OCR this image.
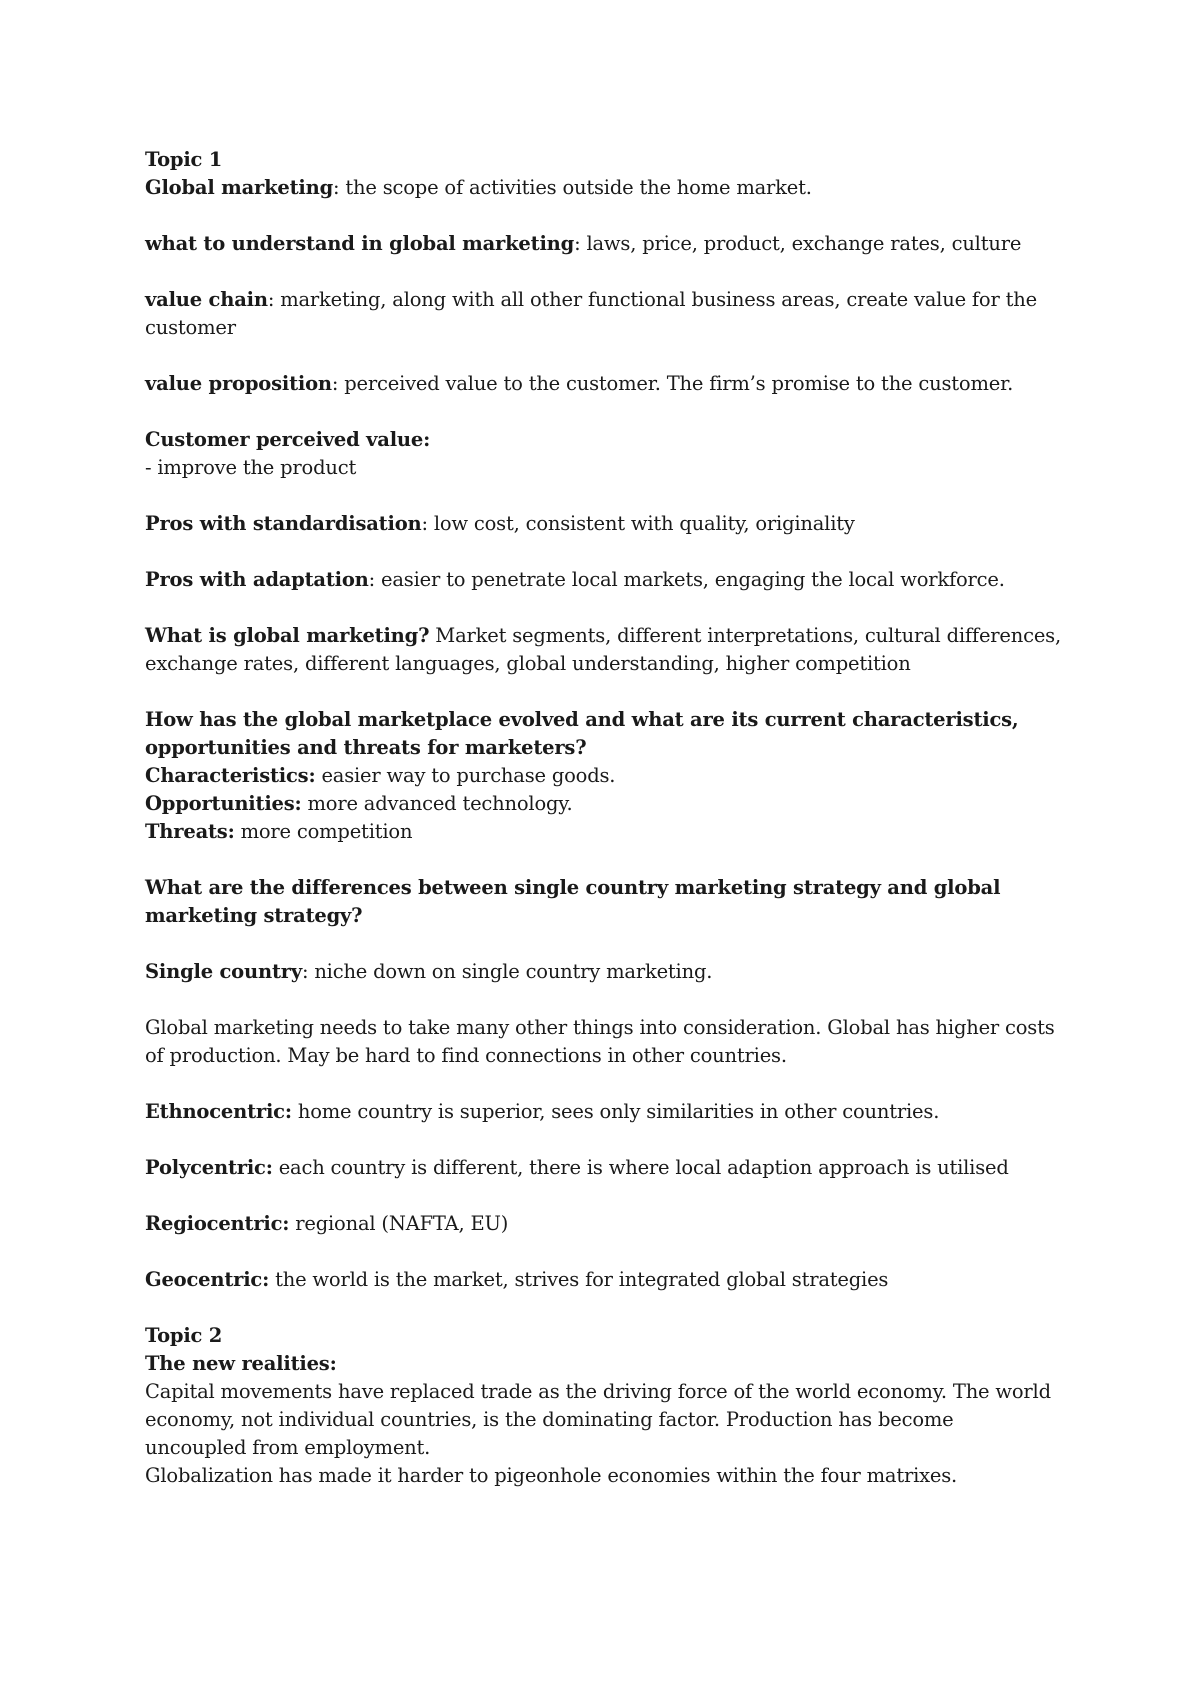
Topic 1

Global marketing: the scope of activities outside the home market.

what to understand in global marketing: laws, price, product, exchange rates, culture

value chain: marketing, along with all other functional business areas, create value for the

customer

value proposition: perceived value to the customer. The firm’s promise to the customer.

Customer perceived value:

- improve the product

Pros with standardisation: low cost, consistent with quality, originality

Pros with adaptation: easier to penetrate local markets, engaging the local workforce.

What is global marketing? Market segments, different interpretations, cultural differences,

exchange rates, different languages, global understanding, higher competition

How has the global marketplace evolved and what are its current characteristics,

opportunities and threats for marketers?

Characteristics: easier way to purchase goods.

Opportunities: more advanced technology.

Threats: more competition

What are the differences between single country marketing strategy and global

marketing strategy?

Single country: niche down on single country marketing.

Global marketing needs to take many other things into consideration. Global has higher costs

of production. May be hard to find connections in other countries.

Ethnocentric: home country is superior, sees only similarities in other countries.

Polycentric: each country is different, there is where local adaption approach is utilised

Regiocentric: regional (NAFTA, EU)

Geocentric: the world is the market, strives for integrated global strategies

Topic 2

The new realities:

Capital movements have replaced trade as the driving force of the world economy. The world

economy, not individual countries, is the dominating factor. Production has become

uncoupled from employment.

Globalization has made it harder to pigeonhole economies within the four matrixes.
